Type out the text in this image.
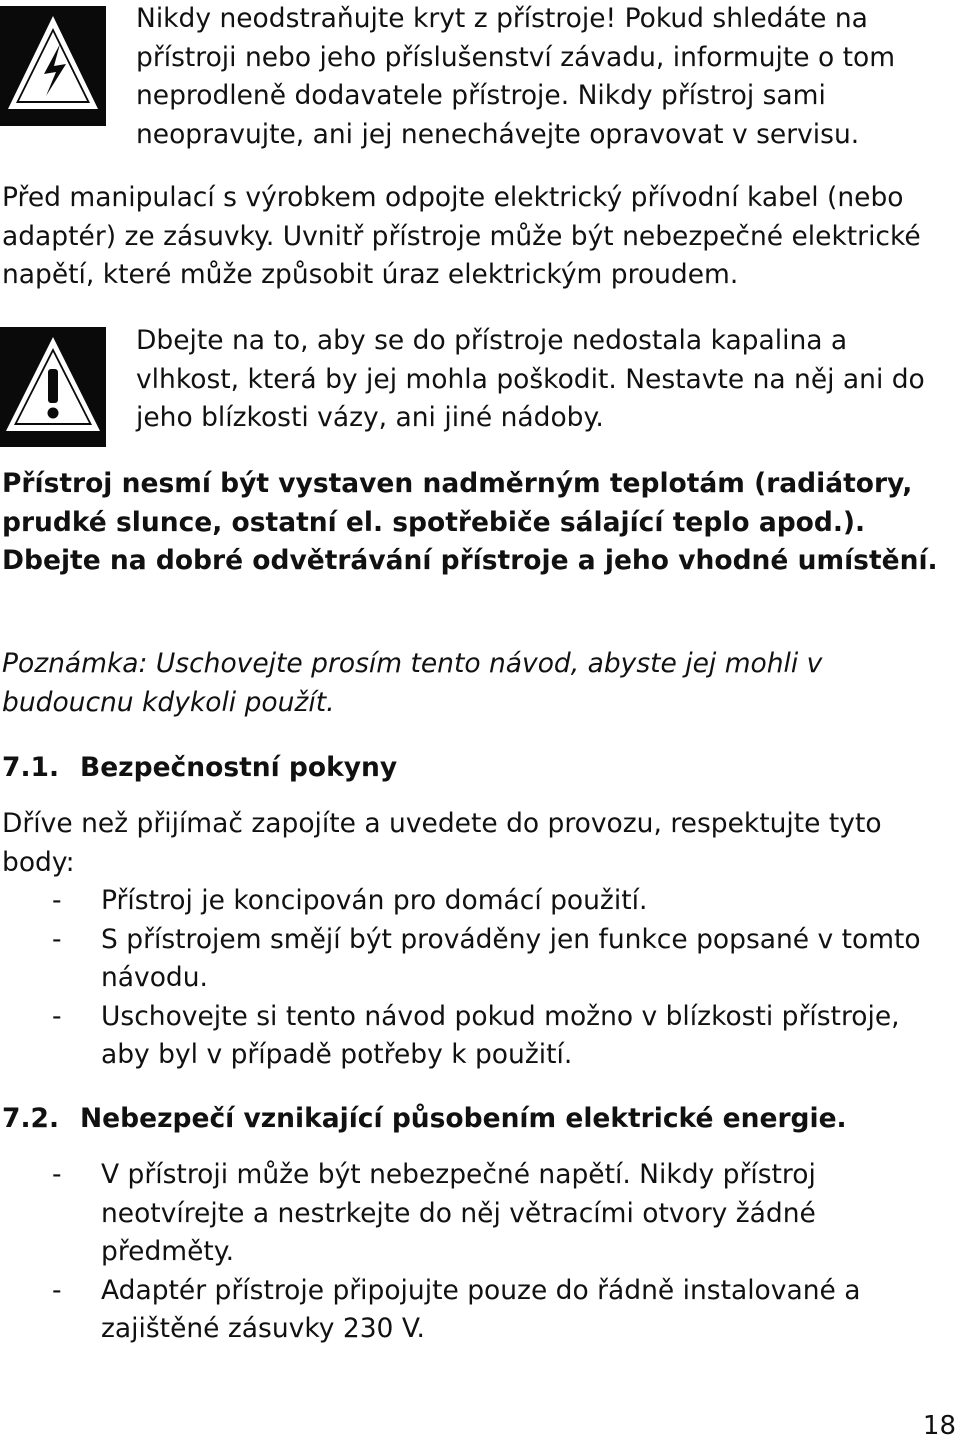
Nikdy neodstraňujte kryt z přístroje! Pokud shledáte na přístroji nebo jeho příslušenství závadu, informujte o tom neprodleně dodavatele přístroje. Nikdy přístroj sami neopravujte, ani jej nenechávejte opravovat v servisu.

Před manipulací s výrobkem odpojte elektrický přívodní kabel (nebo adaptér) ze zásuvky. Uvnitř přístroje může být nebezpečné elektrické napětí, které může způsobit úraz elektrickým proudem.

Dbejte na to, aby se do přístroje nedostala kapalina a vlhkost, která by jej mohla poškodit. Nestavte na něj ani do jeho blízkosti vázy, ani jiné nádoby.

Přístroj nesmí být vystaven nadměrným teplotám (radiátory, prudké slunce, ostatní el. spotřebiče sálající teplo apod.). Dbejte na dobré odvětrávání přístroje a jeho vhodné umístění.

Poznámka: Uschovejte prosím tento návod, abyste jej mohli v budoucnu kdykoli použít.

7.1. Bezpečnostní pokyny

Dříve než přijímač zapojíte a uvedete do provozu, respektujte tyto body:

- Přístroj je koncipován pro domácí použití.
- S přístrojem smějí být prováděny jen funkce popsané v tomto návodu.
- Uschovejte si tento návod pokud možno v blízkosti přístroje, aby byl v případě potřeby k použití.

7.2. Nebezpečí vznikající působením elektrické energie.

- V přístroji může být nebezpečné napětí. Nikdy přístroj neotvírejte a nestrkejte do něj větracími otvory žádné předměty.
- Adaptér přístroje připojujte pouze do řádně instalované a zajištěné zásuvky 230 V.
18
